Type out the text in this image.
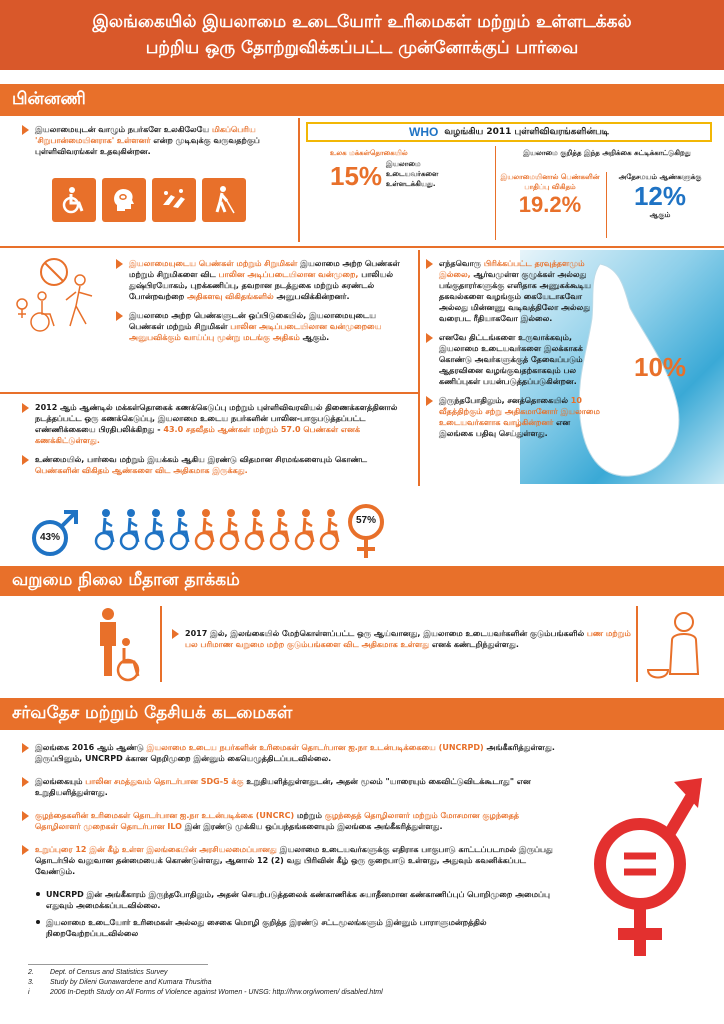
இலங்கையில் இயலாமை உடையோர் உரிமைகள் மற்றும் உள்ளடக்கல்
பற்றிய ஒரு தோற்றுவிக்கப்பட்ட முன்னோக்குப் பார்வை
பின்னணி
இயலாமையுடன் வாழும் நபர்களே உலகிலேயே மிகப்பெரிய 'சிறுபான்மையினராக' உள்ளனர் என்ற முடிவுக்கு வருவதற்குப் புள்ளிவிவரங்கள் உதவுகின்றன.
WHO வழங்கிய 2011 புள்ளிவிவரங்களின்படி
உலக மக்கள்தொகையில்
15% இயலாமை உடையவர்களை உள்ளடக்கியது.
இயலாமை குறித்த இந்த அறிக்கை சுட்டிக்காட்டுகிறது
இயலாமையினால் பெண்களின் பாதிப்பு விகிதம்
19.2%
அதேசமயம் ஆண்களுக்கு
12%
ஆகும்
இயலாமையுடைய பெண்கள் மற்றும் சிறுமிகள் இயலாமை அற்ற பெண்கள் மற்றும் சிறுமிகளை விட பாலின அடிப்படையிலான வன்முறை, பாலியல் துஷ்பிரயோகம், புறக்கணிப்பு, தவறான நடத்துகை மற்றும் சுரண்டல் போன்றவற்றை அதிகளவு விகிதங்களில் அனுபவிக்கின்றனர்.
இயலாமை அற்ற பெண்களுடன் ஒப்பிடுகையில், இயலாமையுடைய பெண்கள் மற்றும் சிறுமிகள் பாலின அடிப்படையிலான வன்முறையை அனுபவிக்கும் வாய்ப்பு மூன்று மடங்கு அதிகம் ஆகும்.
10%
எந்தவொரு பிரிக்கப்பட்ட தரவுத்தளமும் இல்லை, ஆர்வமுள்ள குழுக்கள் அல்லது பங்குதாரர்களுக்கு எளிதாக அணுகக்கூடிய தகவல்களை வழங்கும் கையேடாகவோ அல்லது மின்னணு வடிவத்திலோ அல்லது வரைபட ரீதியாகவோ இல்லை.
எனவே திட்டங்களை உருவாக்கவும், இயலாமை உடையவர்களை இலக்காகக் கொண்டு அவர்களுக்குத் தேவைப்படும் ஆதரவினை வழங்குவதற்காகவும் பல கணிப்புகள் பயன்படுத்தப்படுகின்றன.
இருந்தபோதிலும், சனத்தொகையில் 10 வீதத்திற்கும் சற்று அதிகமானோர் இயலாமை உடையவர்களாக வாழ்கின்றனர் என இலங்கை பதிவு செய்துள்ளது.
2012 ஆம் ஆண்டில் மக்கள்தொகைக் கணக்கெடுப்பு மற்றும் புள்ளிவிவரவியல் திணைக்களத்தினால் நடத்தப்பட்ட ஒரு கணக்கெடுப்பு, இயலாமை உடைய நபர்களின் பாலின-பாகுபடுத்தப்பட்ட எண்ணிக்கையை பிரதிபலிக்கிறது - 43.0 சதவீதம் ஆண்கள் மற்றும் 57.0 பெண்கள் எனக் கணக்கிட்டுள்ளது.
உண்மையில், பார்வை மற்றும் இயக்கம் ஆகிய இரண்டு விதமான சிரமங்களையும் கொண்ட பெண்களின் விகிதம் ஆண்களை விட அதிகமாக இருக்கது.
43%
57%
வறுமை நிலை மீதான தாக்கம்
2017 இல், இலங்கையில் மேற்கொள்ளப்பட்ட ஒரு ஆய்வானது, இயலாமை உடையவர்களின் குடும்பங்களில் பண மற்றும் பல பரிமாண வறுமை மற்ற குடும்பங்களை விட அதிகமாக உள்ளது எனக் கண்டறிந்துள்ளது.
சர்வதேச மற்றும் தேசியக் கடமைகள்
இலங்கை 2016 ஆம் ஆண்டு இயலாமை உடைய நபர்களின் உரிமைகள் தொடர்பான ஐ.நா உடன்படிக்கையை (UNCRPD) அங்கீகரித்துள்ளது. இருப்பினும், UNCRPD க்கான நெறிமுறை இன்னும் கையெழுத்திடப்படவில்லை.
இலங்கையும் பாலின சமத்துவம் தொடர்பான SDG-5 க்கு உறுதியளித்துள்ளதுடன், அதன் மூலம் "யாரையும் கைவிட்டுவிடக்கூடாது" என உறுதியளித்துள்ளது.
குழந்தைகளின் உரிமைகள் தொடர்பான ஐ.நா உடன்படிக்கை (UNCRC) மற்றும் குழந்தைத் தொழிலாளர் மற்றும் மோசமான குழந்தைத் தொழிலாளர் முறைகள் தொடர்பான ILO இன் இரண்டு முக்கிய ஒப்பந்தங்களையும் இலங்கை அங்கீகரித்துள்ளது.
உறுப்புரை 12 இன் கீழ் உள்ள இலங்கையின் அரசியலமைப்பானது இயலாமை உடையவர்களுக்கு எதிராக பாகுபாடு காட்டப்படாமல் இருப்பது தொடர்பில் வலுவான தன்மையைக் கொண்டுள்ளது, ஆனால் 12 (2) வது பிரிவின் கீழ் ஒரு குறைபாடு உள்ளது, அதுவும் கவனிக்கப்பட வேண்டும்.
UNCRPD இன் அங்கீகாரம் இருந்தபோதிலும், அதன் செயற்படுத்தலைக் கண்காணிக்க சுயாதீனமான கண்காணிப்புப் பொறிமுறை அமைப்பு எதுவும் அமைக்கப்படவில்லை.
இயலாமை உடையோர் உரிமைகள் அல்லது சைகை மொழி குறித்த இரண்டு சட்டமூலங்களும் இன்னும் பாராளுமன்றத்தில் நிறைவேற்றப்படவில்லை
2.	Dept. of Census and Statistics Survey
3.	Study by Dileni Gunawardene and Kumara Thusitha
i	2006 In-Depth Study on All Forms of Violence against Women - UNSG: http://hrw.org/women/ disabled.html
